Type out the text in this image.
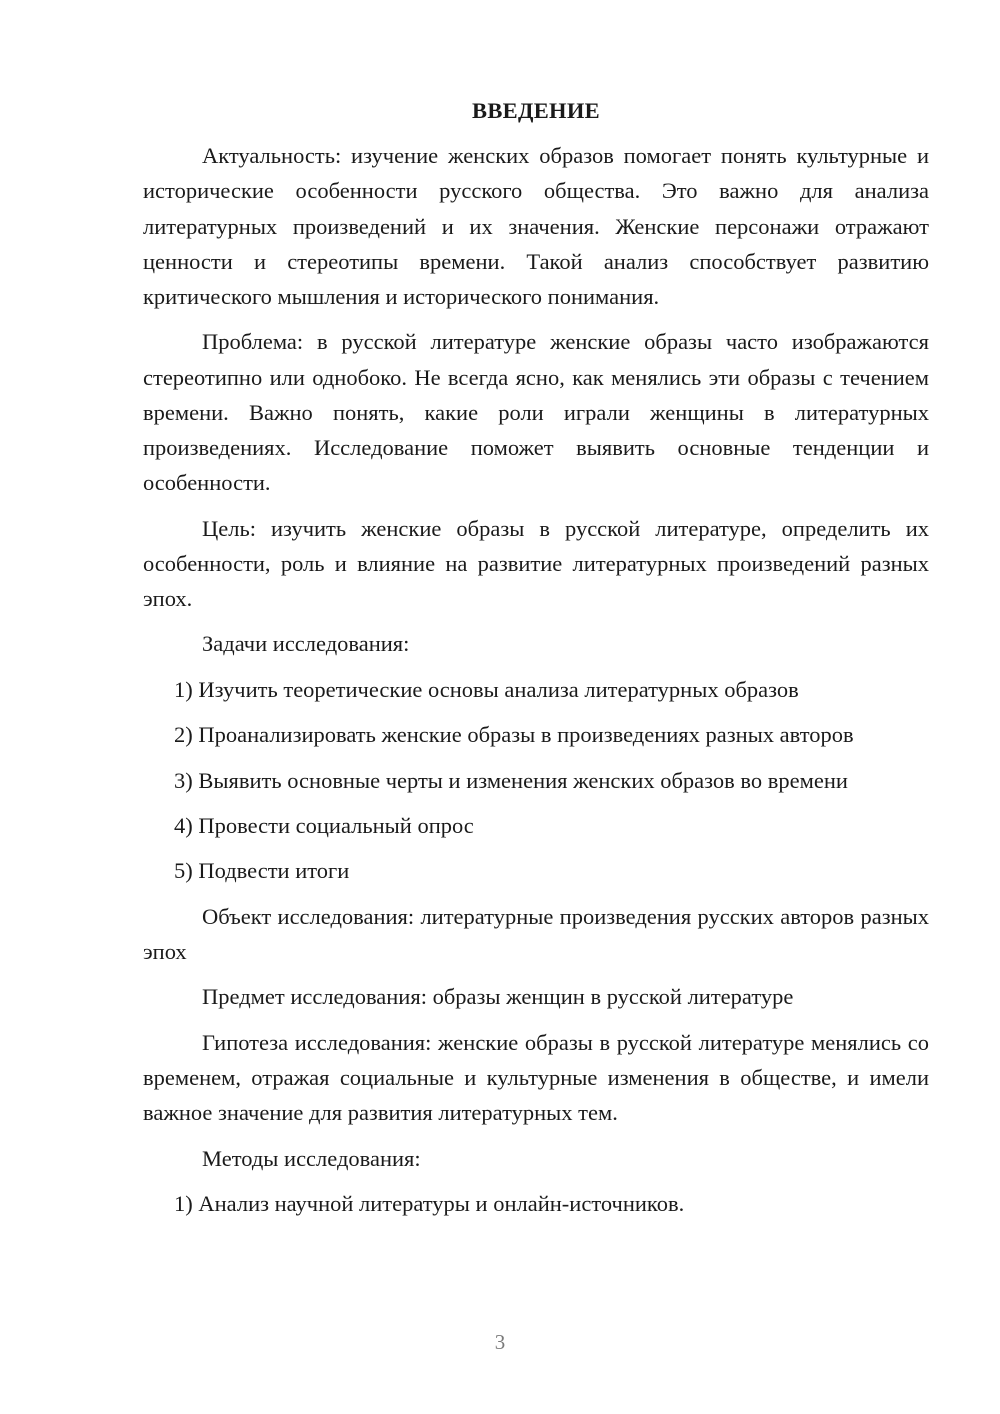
ВВЕДЕНИЕ
Актуальность: изучение женских образов помогает понять культурные и исторические особенности русского общества. Это важно для анализа литературных произведений и их значения. Женские персонажи отражают ценности и стереотипы времени. Такой анализ способствует развитию критического мышления и исторического понимания.
Проблема: в русской литературе женские образы часто изображаются стереотипно или однобоко. Не всегда ясно, как менялись эти образы с течением времени. Важно понять, какие роли играли женщины в литературных произведениях. Исследование поможет выявить основные тенденции и особенности.
Цель: изучить женские образы в русской литературе, определить их особенности, роль и влияние на развитие литературных произведений разных эпох.
Задачи исследования:
1) Изучить теоретические основы анализа литературных образов
2) Проанализировать женские образы в произведениях разных авторов
3) Выявить основные черты и изменения женских образов во времени
4) Провести социальный опрос
5) Подвести итоги
Объект исследования: литературные произведения русских авторов разных эпох
Предмет исследования: образы женщин в русской литературе
Гипотеза исследования: женские образы в русской литературе менялись со временем, отражая социальные и культурные изменения в обществе, и имели важное значение для развития литературных тем.
Методы исследования:
1) Анализ научной литературы и онлайн-источников.
3
